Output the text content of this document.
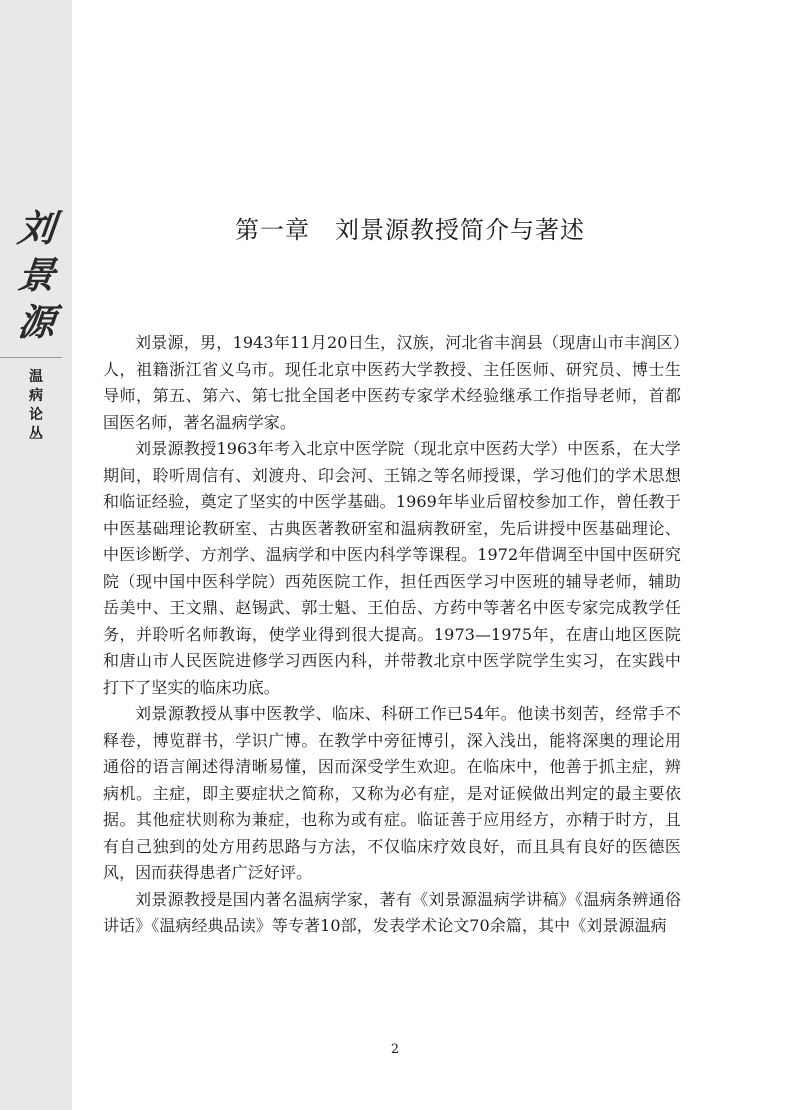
刘
景
源
温
病
论
丛
第一章　刘景源教授简介与著述

刘景源，男，1943年11月20日生，汉族，河北省丰润县（现唐山市丰润区）人，祖籍浙江省义乌市。现任北京中医药大学教授、主任医师、研究员、博士生导师，第五、第六、第七批全国老中医药专家学术经验继承工作指导老师，首都国医名师，著名温病学家。

刘景源教授1963年考入北京中医学院（现北京中医药大学）中医系，在大学期间，聆听周信有、刘渡舟、印会河、王锦之等名师授课，学习他们的学术思想和临证经验，奠定了坚实的中医学基础。1969年毕业后留校参加工作，曾任教于中医基础理论教研室、古典医著教研室和温病教研室，先后讲授中医基础理论、中医诊断学、方剂学、温病学和中医内科学等课程。1972年借调至中国中医研究院（现中国中医科学院）西苑医院工作，担任西医学习中医班的辅导老师，辅助岳美中、王文鼎、赵锡武、郭士魁、王伯岳、方药中等著名中医专家完成教学任务，并聆听名师教诲，使学业得到很大提高。1973—1975年，在唐山地区医院和唐山市人民医院进修学习西医内科，并带教北京中医学院学生实习，在实践中打下了坚实的临床功底。

刘景源教授从事中医教学、临床、科研工作已54年。他读书刻苦，经常手不释卷，博览群书，学识广博。在教学中旁征博引，深入浅出，能将深奥的理论用通俗的语言阐述得清晰易懂，因而深受学生欢迎。在临床中，他善于抓主症，辨病机。主症，即主要症状之简称，又称为必有症，是对证候做出判定的最主要依据。其他症状则称为兼症，也称为或有症。临证善于应用经方，亦精于时方，且有自己独到的处方用药思路与方法，不仅临床疗效良好，而且具有良好的医德医风，因而获得患者广泛好评。

刘景源教授是国内著名温病学家，著有《刘景源温病学讲稿》《温病条辨通俗讲话》《温病经典品读》等专著10部，发表学术论文70余篇，其中《刘景源温病

2
